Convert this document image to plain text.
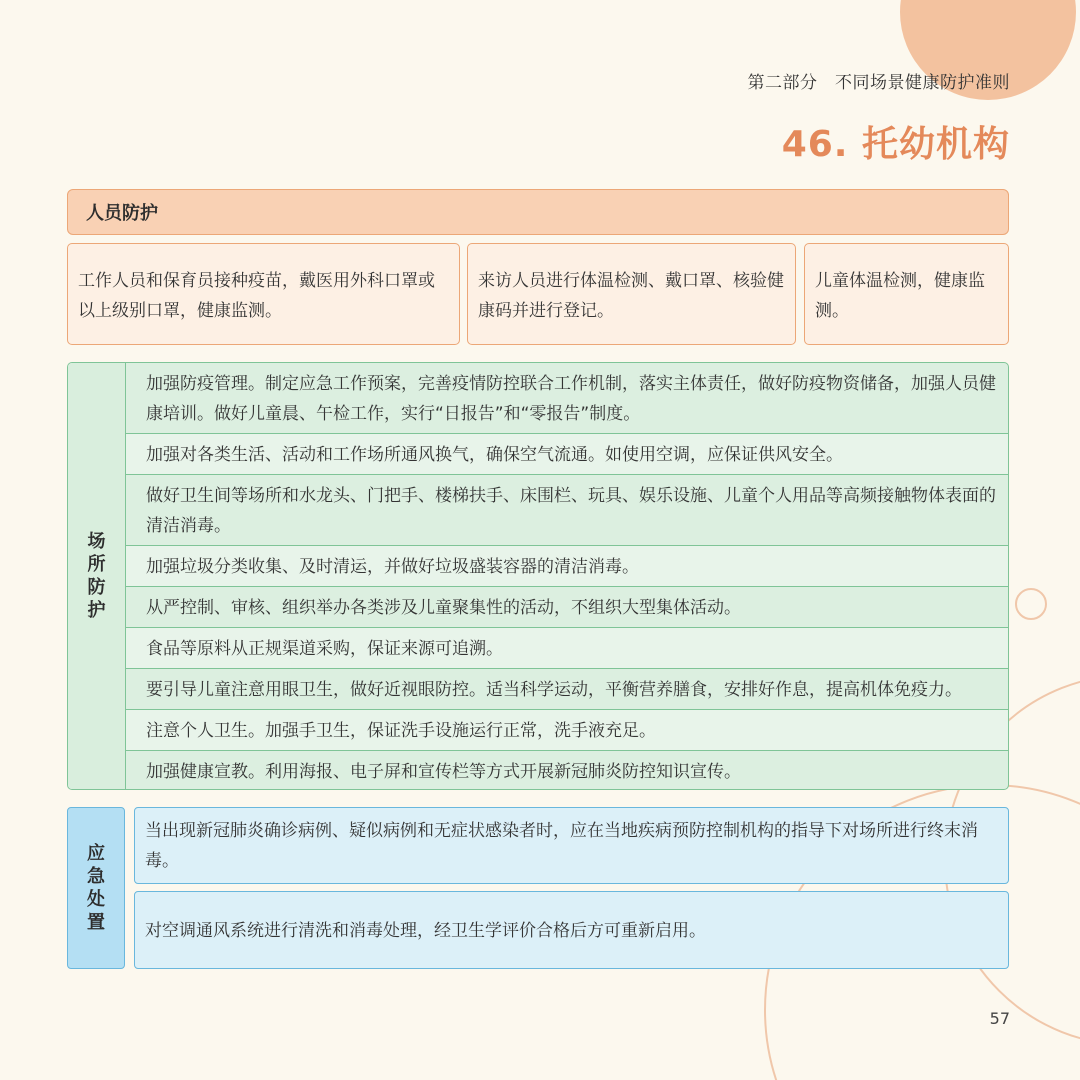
第二部分　不同场景健康防护准则
46. 托幼机构
人员防护
工作人员和保育员接种疫苗，戴医用外科口罩或以上级别口罩，健康监测。
来访人员进行体温检测、戴口罩、核验健康码并进行登记。
儿童体温检测，健康监测。
场所防护
加强防疫管理。制定应急工作预案，完善疫情防控联合工作机制，落实主体责任，做好防疫物资储备，加强人员健康培训。做好儿童晨、午检工作，实行“日报告”和“零报告”制度。
加强对各类生活、活动和工作场所通风换气，确保空气流通。如使用空调，应保证供风安全。
做好卫生间等场所和水龙头、门把手、楼梯扶手、床围栏、玩具、娱乐设施、儿童个人用品等高频接触物体表面的清洁消毒。
加强垃圾分类收集、及时清运，并做好垃圾盛装容器的清洁消毒。
从严控制、审核、组织举办各类涉及儿童聚集性的活动，不组织大型集体活动。
食品等原料从正规渠道采购，保证来源可追溯。
要引导儿童注意用眼卫生，做好近视眼防控。适当科学运动，平衡营养膳食，安排好作息，提高机体免疫力。
注意个人卫生。加强手卫生，保证洗手设施运行正常，洗手液充足。
加强健康宣教。利用海报、电子屏和宣传栏等方式开展新冠肺炎防控知识宣传。
应急处置
当出现新冠肺炎确诊病例、疑似病例和无症状感染者时，应在当地疾病预防控制机构的指导下对场所进行终末消毒。
对空调通风系统进行清洗和消毒处理，经卫生学评价合格后方可重新启用。
57
